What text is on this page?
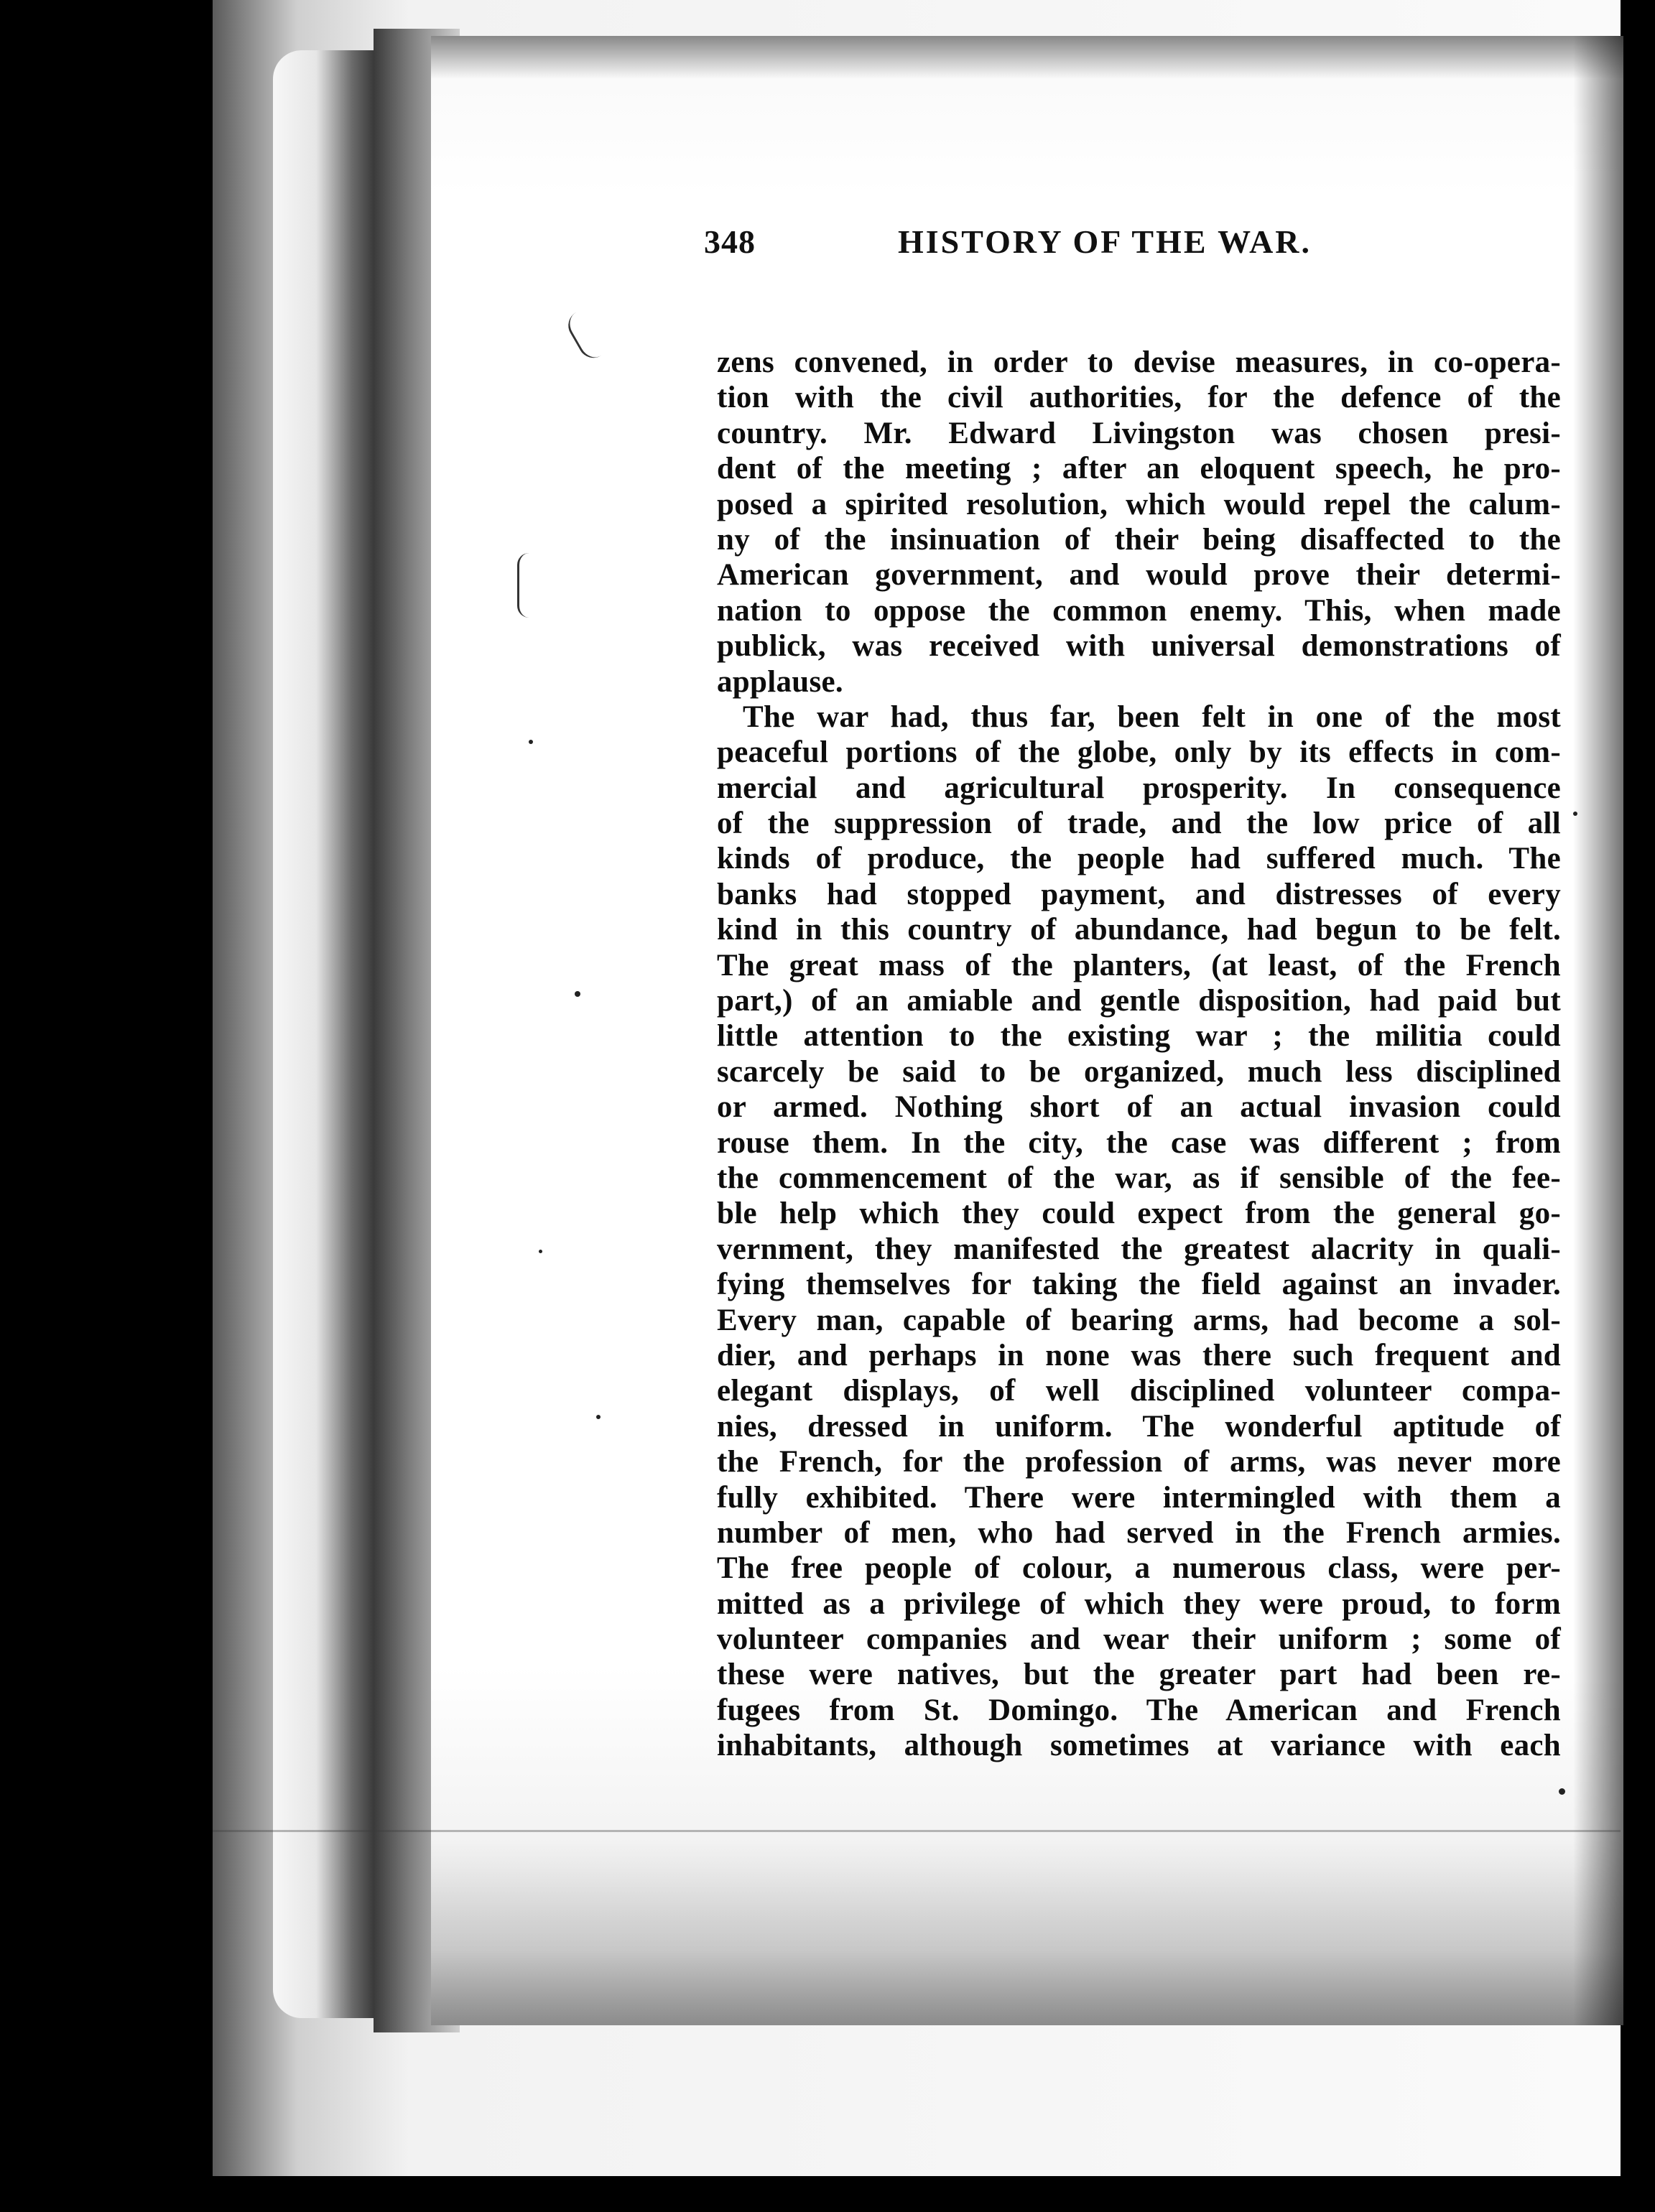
348	HISTORY OF THE WAR.
zens convened, in order to devise measures, in co-opera-
tion with the civil authorities, for the defence of the
country. Mr. Edward Livingston was chosen presi-
dent of the meeting ; after an eloquent speech, he pro-
posed a spirited resolution, which would repel the calum-
ny of the insinuation of their being disaffected to the
American government, and would prove their determi-
nation to oppose the common enemy. This, when made
publick, was received with universal demonstrations of
applause.
The war had, thus far, been felt in one of the most
peaceful portions of the globe, only by its effects in com-
mercial and agricultural prosperity. In consequence
of the suppression of trade, and the low price of all
kinds of produce, the people had suffered much. The
banks had stopped payment, and distresses of every
kind in this country of abundance, had begun to be felt.
The great mass of the planters, (at least, of the French
part,) of an amiable and gentle disposition, had paid but
little attention to the existing war ; the militia could
scarcely be said to be organized, much less disciplined
or armed. Nothing short of an actual invasion could
rouse them. In the city, the case was different ; from
the commencement of the war, as if sensible of the fee-
ble help which they could expect from the general go-
vernment, they manifested the greatest alacrity in quali-
fying themselves for taking the field against an invader.
Every man, capable of bearing arms, had become a sol-
dier, and perhaps in none was there such frequent and
elegant displays, of well disciplined volunteer compa-
nies, dressed in uniform. The wonderful aptitude of
the French, for the profession of arms, was never more
fully exhibited. There were intermingled with them a
number of men, who had served in the French armies.
The free people of colour, a numerous class, were per-
mitted as a privilege of which they were proud, to form
volunteer companies and wear their uniform ; some of
these were natives, but the greater part had been re-
fugees from St. Domingo. The American and French
inhabitants, although sometimes at variance with each
